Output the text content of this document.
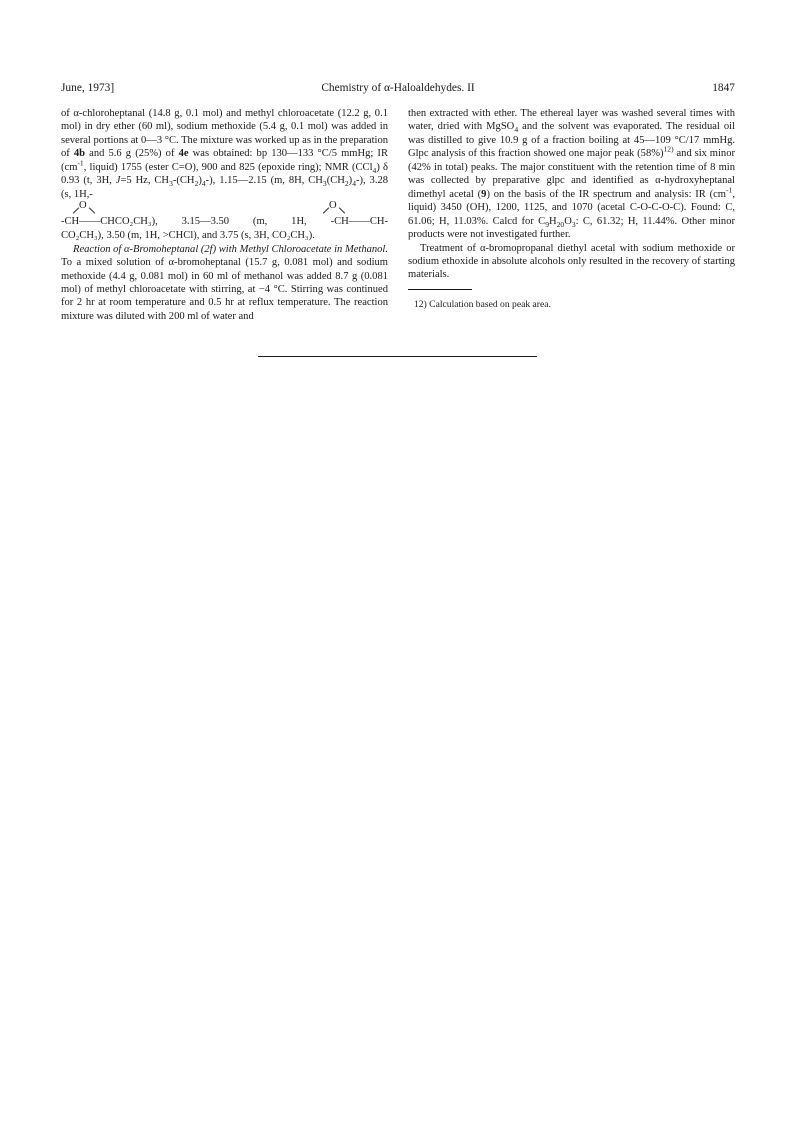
June, 1973]	Chemistry of α-Haloaldehydes. II	1847

of α-chloroheptanal (14.8 g, 0.1 mol) and methyl chloroacetate (12.2 g, 0.1 mol) in dry ether (60 ml), sodium methoxide (5.4 g, 0.1 mol) was added in several portions at 0—3 °C. The mixture was worked up as in the preparation of 4b and 5.6 g (25%) of 4e was obtained: bp 130—133 °C/5 mmHg; IR ($cm^{-1}$, liquid) 1755 (ester C=O), 900 and 825 (epoxide ring); NMR (CCl$_4$) δ 0.93 (t, 3H, J=5 Hz, $CH_3-(CH_2)_4-$), 1.15—2.15 (m, 8H, $CH_3(CH_2)_4-$), 3.28 (s, 1H,-

O	O
-CH——CHCO₂CH₃), 3.15—3.50 (m, 1H, -CH——CH-

CO₂CH₃), 3.50 (m, 1H, >CHCl), and 3.75 (s, 3H, CO₂CH₃).

Reaction of α-Bromoheptanal (2f) with Methyl Chloroacetate in Methanol. To a mixed solution of α-bromoheptanal (15.7 g, 0.081 mol) and sodium methoxide (4.4 g, 0.081 mol) in 60 ml of methanol was added 8.7 g (0.081 mol) of methyl chloroacetate with stirring, at −4 °C. Stirring was continued for 2 hr at room temperature and 0.5 hr at reflux temperature. The reaction mixture was diluted with 200 ml of water and

then extracted with ether. The ethereal layer was washed several times with water, dried with MgSO$_4$ and the solvent was evaporated. The residual oil was distilled to give 10.9 g of a fraction boiling at 45—109 °C/17 mmHg. Glpc analysis of this fraction showed one major peak $(58\%)^{12)}$ and six minor (42% in total) peaks. The major constituent with the retention time of 8 min was collected by preparative glpc and identified as α-hydroxyheptanal dimethyl acetal (9) on the basis of the IR spectrum and analysis: IR ($cm^{-1}$, liquid) 3450 (OH), 1200, 1125, and 1070 (acetal C-O-C-O-C). Found: C, 61.06; H, 11.03%. Calcd for $C_9H_{20}O_3$: C, 61.32; H, 11.44%. Other minor products were not investigated further.

Treatment of α-bromopropanal diethyl acetal with sodium methoxide or sodium ethoxide in absolute alcohols only resulted in the recovery of starting materials.

12) Calculation based on peak area.
